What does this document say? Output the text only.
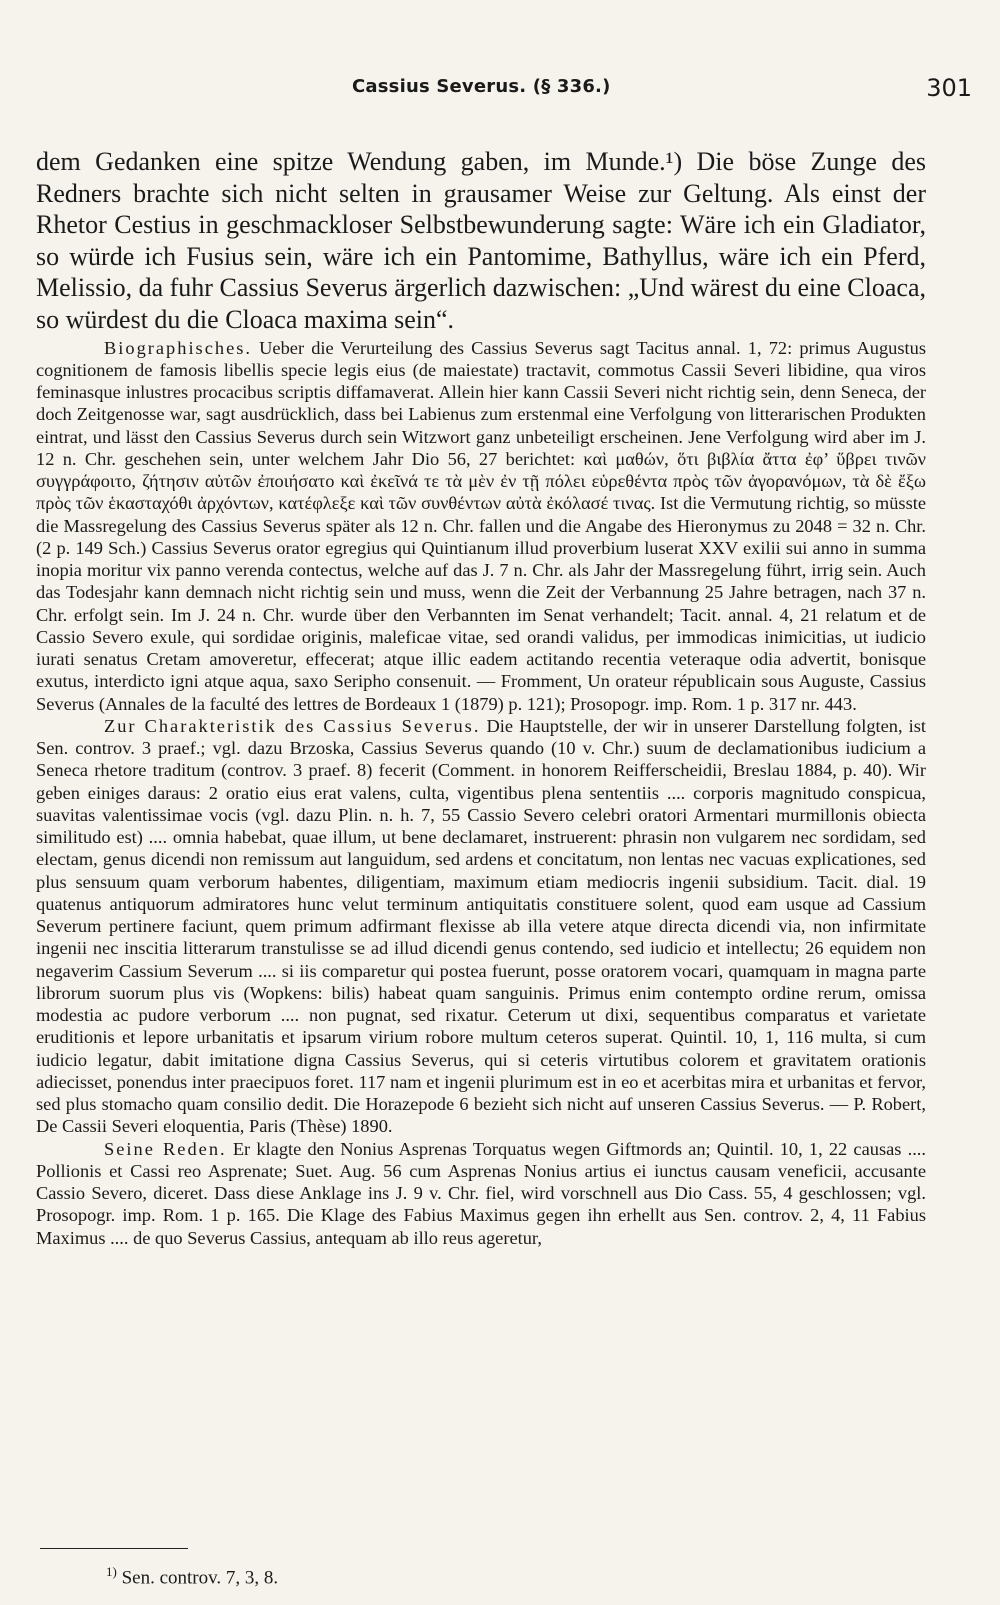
Cassius Severus. (§ 336.)	301

dem Gedanken eine spitze Wendung gaben, im Munde.¹) Die böse Zunge des Redners brachte sich nicht selten in grausamer Weise zur Geltung. Als einst der Rhetor Cestius in geschmackloser Selbstbewunderung sagte: Wäre ich ein Gladiator, so würde ich Fusius sein, wäre ich ein Pantomime, Bathyllus, wäre ich ein Pferd, Melissio, da fuhr Cassius Severus ärgerlich dazwischen: „Und wärest du eine Cloaca, so würdest du die Cloaca maxima sein“.

Biographisches. Ueber die Verurteilung des Cassius Severus sagt Tacitus annal. 1, 72: primus Augustus cognitionem de famosis libellis specie legis eius (de maiestate) tractavit, commotus Cassii Severi libidine, qua viros feminasque inlustres procacibus scriptis diffamaverat. Allein hier kann Cassii Severi nicht richtig sein, denn Seneca, der doch Zeitgenosse war, sagt ausdrücklich, dass bei Labienus zum erstenmal eine Verfolgung von litterarischen Produkten eintrat, und lässt den Cassius Severus durch sein Witzwort ganz unbeteiligt erscheinen. Jene Verfolgung wird aber im J. 12 n. Chr. geschehen sein, unter welchem Jahr Dio 56, 27 berichtet: καὶ μαθών, ὅτι βιβλία ἄττα ἐφ’ ὕβρει τινῶν συγγράφοιτο, ζήτησιν αὐτῶν ἐποιήσατο καὶ ἐκεῖνά τε τὰ μὲν ἐν τῇ πόλει εὑρεθέντα πρὸς τῶν ἀγορανόμων, τὰ δὲ ἔξω πρὸς τῶν ἑκασταχόθι ἀρχόντων, κατέφλεξε καὶ τῶν συνθέντων αὐτὰ ἐκόλασέ τινας. Ist die Vermutung richtig, so müsste die Massregelung des Cassius Severus später als 12 n. Chr. fallen und die Angabe des Hieronymus zu 2048 = 32 n. Chr. (2 p. 149 Sch.) Cassius Severus orator egregius qui Quintianum illud proverbium luserat XXV exilii sui anno in summa inopia moritur vix panno verenda contectus, welche auf das J. 7 n. Chr. als Jahr der Massregelung führt, irrig sein. Auch das Todesjahr kann demnach nicht richtig sein und muss, wenn die Zeit der Verbannung 25 Jahre betragen, nach 37 n. Chr. erfolgt sein. Im J. 24 n. Chr. wurde über den Verbannten im Senat verhandelt; Tacit. annal. 4, 21 relatum et de Cassio Severo exule, qui sordidae originis, maleficae vitae, sed orandi validus, per immodicas inimicitias, ut iudicio iurati senatus Cretam amoveretur, effecerat; atque illic eadem actitando recentia veteraque odia advertit, bonisque exutus, interdicto igni atque aqua, saxo Seripho consenuit. — Fromment, Un orateur républicain sous Auguste, Cassius Severus (Annales de la faculté des lettres de Bordeaux 1 (1879) p. 121); Prosopogr. imp. Rom. 1 p. 317 nr. 443.

Zur Charakteristik des Cassius Severus. Die Hauptstelle, der wir in unserer Darstellung folgten, ist Sen. controv. 3 praef.; vgl. dazu Brzoska, Cassius Severus quando (10 v. Chr.) suum de declamationibus iudicium a Seneca rhetore traditum (controv. 3 praef. 8) fecerit (Comment. in honorem Reifferscheidii, Breslau 1884, p. 40). Wir geben einiges daraus: 2 oratio eius erat valens, culta, vigentibus plena sententiis .... corporis magnitudo conspicua, suavitas valentissimae vocis (vgl. dazu Plin. n. h. 7, 55 Cassio Severo celebri oratori Armentari murmillonis obiecta similitudo est) .... omnia habebat, quae illum, ut bene declamaret, instruerent: phrasin non vulgarem nec sordidam, sed electam, genus dicendi non remissum aut languidum, sed ardens et concitatum, non lentas nec vacuas explicationes, sed plus sensuum quam verborum habentes, diligentiam, maximum etiam mediocris ingenii subsidium. Tacit. dial. 19 quatenus antiquorum admiratores hunc velut terminum antiquitatis constituere solent, quod eam usque ad Cassium Severum pertinere faciunt, quem primum adfirmant flexisse ab illa vetere atque directa dicendi via, non infirmitate ingenii nec inscitia litterarum transtulisse se ad illud dicendi genus contendo, sed iudicio et intellectu; 26 equidem non negaverim Cassium Severum .... si iis comparetur qui postea fuerunt, posse oratorem vocari, quamquam in magna parte librorum suorum plus vis (Wopkens: bilis) habeat quam sanguinis. Primus enim contempto ordine rerum, omissa modestia ac pudore verborum .... non pugnat, sed rixatur. Ceterum ut dixi, sequentibus comparatus et varietate eruditionis et lepore urbanitatis et ipsarum virium robore multum ceteros superat. Quintil. 10, 1, 116 multa, si cum iudicio legatur, dabit imitatione digna Cassius Severus, qui si ceteris virtutibus colorem et gravitatem orationis adiecisset, ponendus inter praecipuos foret. 117 nam et ingenii plurimum est in eo et acerbitas mira et urbanitas et fervor, sed plus stomacho quam consilio dedit. Die Horazepode 6 bezieht sich nicht auf unseren Cassius Severus. — P. Robert, De Cassii Severi eloquentia, Paris (Thèse) 1890.

Seine Reden. Er klagte den Nonius Asprenas Torquatus wegen Giftmords an; Quintil. 10, 1, 22 causas .... Pollionis et Cassi reo Asprenate; Suet. Aug. 56 cum Asprenas Nonius artius ei iunctus causam veneficii, accusante Cassio Severo, diceret. Dass diese Anklage ins J. 9 v. Chr. fiel, wird vorschnell aus Dio Cass. 55, 4 geschlossen; vgl. Prosopogr. imp. Rom. 1 p. 165. Die Klage des Fabius Maximus gegen ihn erhellt aus Sen. controv. 2, 4, 11 Fabius Maximus .... de quo Severus Cassius, antequam ab illo reus ageretur,

$^{1)}$ Sen. controv. 7, 3, 8.
